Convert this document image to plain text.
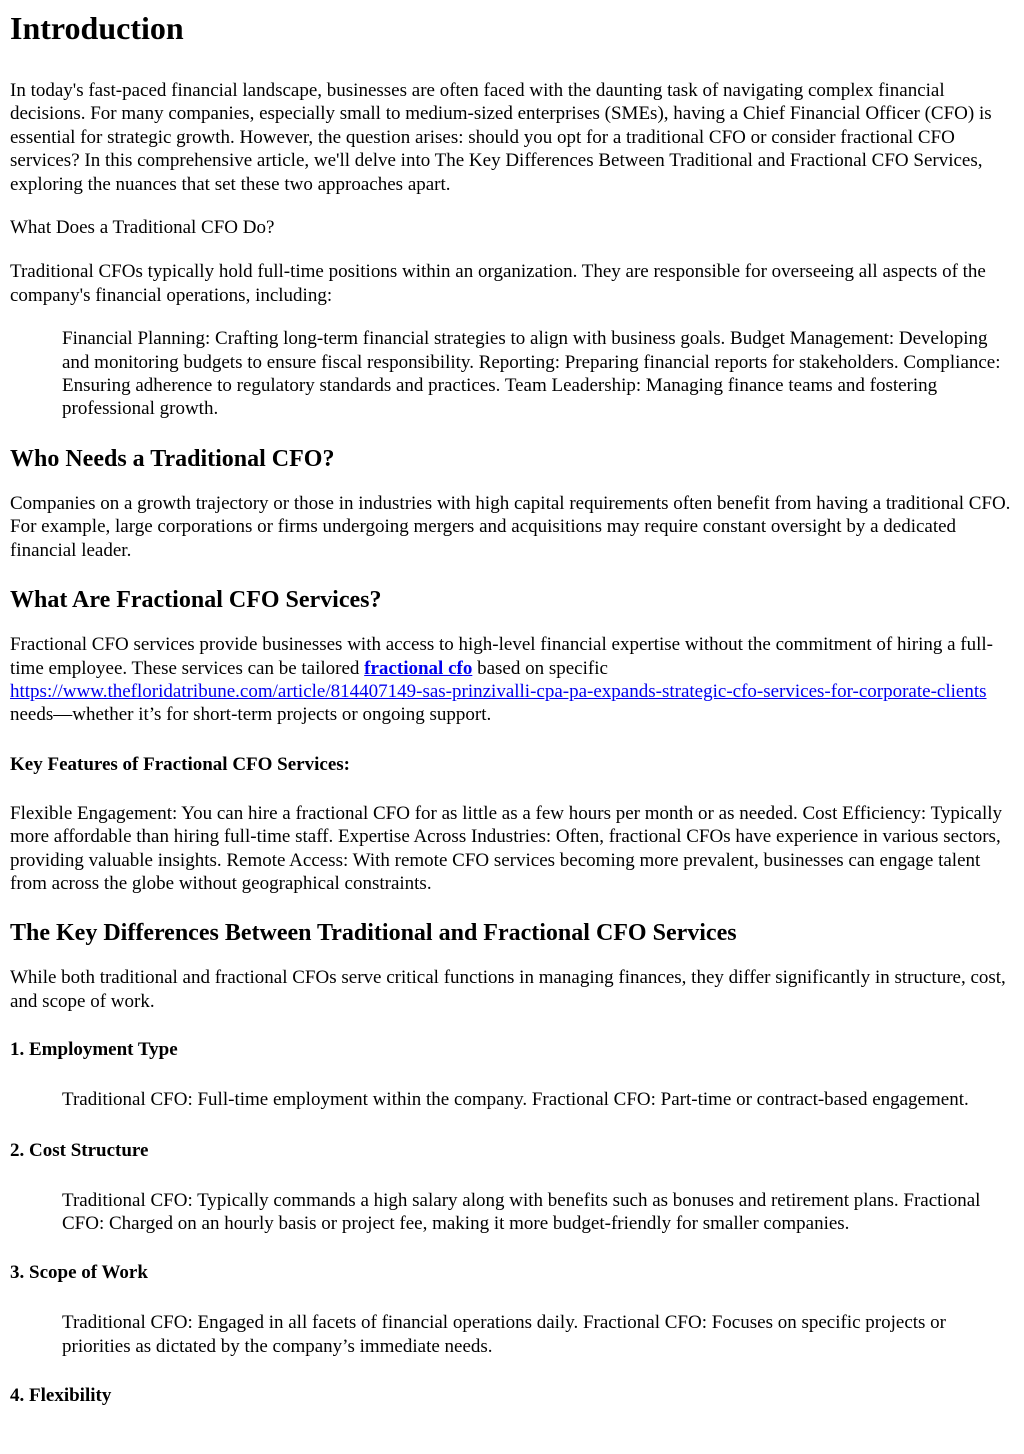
Introduction

In today's fast-paced financial landscape, businesses are often faced with the daunting task of navigating complex financial decisions. For many companies, especially small to medium-sized enterprises (SMEs), having a Chief Financial Officer (CFO) is essential for strategic growth. However, the question arises: should you opt for a traditional CFO or consider fractional CFO services? In this comprehensive article, we'll delve into The Key Differences Between Traditional and Fractional CFO Services, exploring the nuances that set these two approaches apart.

What Does a Traditional CFO Do?

Traditional CFOs typically hold full-time positions within an organization. They are responsible for overseeing all aspects of the company's financial operations, including:

Financial Planning: Crafting long-term financial strategies to align with business goals. Budget Management: Developing and monitoring budgets to ensure fiscal responsibility. Reporting: Preparing financial reports for stakeholders. Compliance: Ensuring adherence to regulatory standards and practices. Team Leadership: Managing finance teams and fostering professional growth.
Who Needs a Traditional CFO?

Companies on a growth trajectory or those in industries with high capital requirements often benefit from having a traditional CFO. For example, large corporations or firms undergoing mergers and acquisitions may require constant oversight by a dedicated financial leader.

What Are Fractional CFO Services?

Fractional CFO services provide businesses with access to high-level financial expertise without the commitment of hiring a full-time employee. These services can be tailored fractional cfo based on specific https://www.thefloridatribune.com/article/814407149-sas-prinzivalli-cpa-pa-expands-strategic-cfo-services-for-corporate-clients needs—whether it’s for short-term projects or ongoing support.

Key Features of Fractional CFO Services:

Flexible Engagement: You can hire a fractional CFO for as little as a few hours per month or as needed. Cost Efficiency: Typically more affordable than hiring full-time staff. Expertise Across Industries: Often, fractional CFOs have experience in various sectors, providing valuable insights. Remote Access: With remote CFO services becoming more prevalent, businesses can engage talent from across the globe without geographical constraints.

The Key Differences Between Traditional and Fractional CFO Services

While both traditional and fractional CFOs serve critical functions in managing finances, they differ significantly in structure, cost, and scope of work.

1. Employment Type
Traditional CFO: Full-time employment within the company. Fractional CFO: Part-time or contract-based engagement.
2. Cost Structure
Traditional CFO: Typically commands a high salary along with benefits such as bonuses and retirement plans. Fractional CFO: Charged on an hourly basis or project fee, making it more budget-friendly for smaller companies.
3. Scope of Work
Traditional CFO: Engaged in all facets of financial operations daily. Fractional CFO: Focuses on specific projects or priorities as dictated by the company’s immediate needs.
4. Flexibility
